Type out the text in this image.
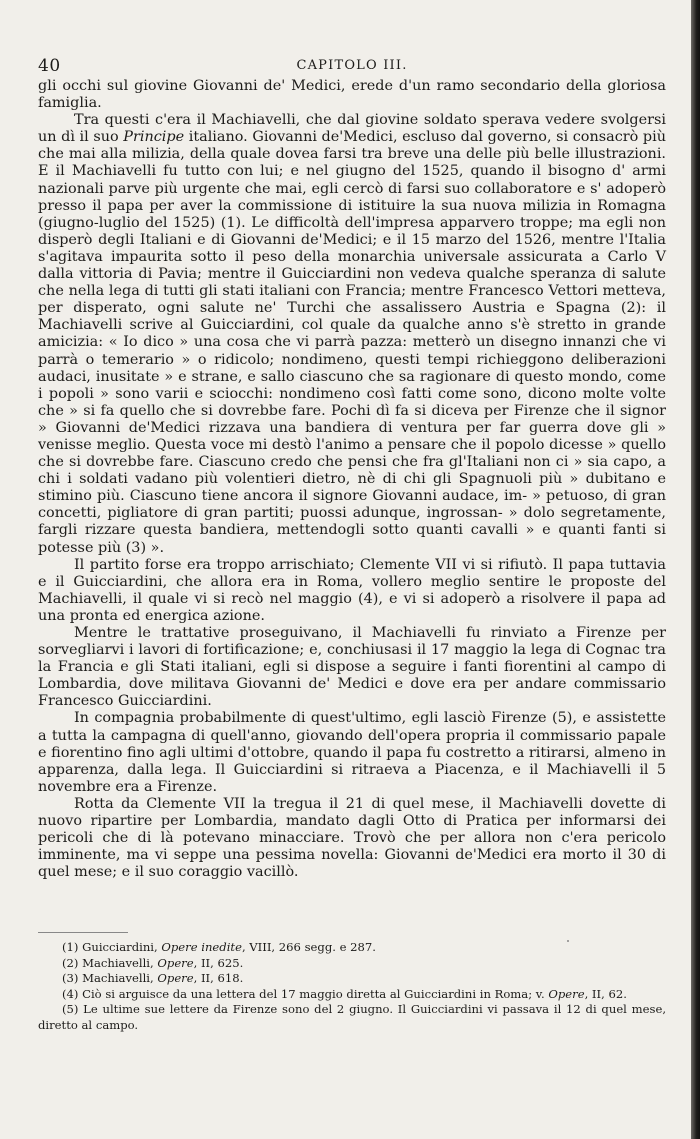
40	CAPITOLO III.

gli occhi sul giovine Giovanni de' Medici, erede d'un ramo secondario della gloriosa famiglia.

Tra questi c'era il Machiavelli, che dal giovine soldato sperava vedere svolgersi un dì il suo Principe italiano. Giovanni de'Medici, escluso dal governo, si consacrò più che mai alla milizia, della quale dovea farsi tra breve una delle più belle illustrazioni. E il Machiavelli fu tutto con lui; e nel giugno del 1525, quando il bisogno d' armi nazionali parve più urgente che mai, egli cercò di farsi suo collaboratore e s' adoperò presso il papa per aver la commissione di istituire la sua nuova milizia in Romagna (giugno-luglio del 1525) (1). Le difficoltà dell'impresa apparvero troppe; ma egli non disperò degli Italiani e di Giovanni de'Medici; e il 15 marzo del 1526, mentre l'Italia s'agitava impaurita sotto il peso della monarchia universale assicurata a Carlo V dalla vittoria di Pavia; mentre il Guicciardini non vedeva qualche speranza di salute che nella lega di tutti gli stati italiani con Francia; mentre Francesco Vettori metteva, per disperato, ogni salute ne' Turchi che assalissero Austria e Spagna (2): il Machiavelli scrive al Guicciardini, col quale da qualche anno s'è stretto in grande amicizia: « Io dico » una cosa che vi parrà pazza: metterò un disegno innanzi che vi parrà o temerario » o ridicolo; nondimeno, questi tempi richieggono deliberazioni audaci, inusitate » e strane, e sallo ciascuno che sa ragionare di questo mondo, come i popoli » sono varii e sciocchi: nondimeno così fatti come sono, dicono molte volte che » si fa quello che si dovrebbe fare. Pochi dì fa si diceva per Firenze che il signor » Giovanni de'Medici rizzava una bandiera di ventura per far guerra dove gli » venisse meglio. Questa voce mi destò l'animo a pensare che il popolo dicesse » quello che si dovrebbe fare. Ciascuno credo che pensi che fra gl'Italiani non ci » sia capo, a chi i soldati vadano più volentieri dietro, nè di chi gli Spagnuoli più » dubitano e stimino più. Ciascuno tiene ancora il signore Giovanni audace, im- » petuoso, di gran concetti, pigliatore di gran partiti; puossi adunque, ingrossan- » dolo segretamente, fargli rizzare questa bandiera, mettendogli sotto quanti cavalli » e quanti fanti si potesse più (3) ».

Il partito forse era troppo arrischiato; Clemente VII vi si rifiutò. Il papa tuttavia e il Guicciardini, che allora era in Roma, vollero meglio sentire le proposte del Machiavelli, il quale vi si recò nel maggio (4), e vi si adoperò a risolvere il papa ad una pronta ed energica azione.

Mentre le trattative proseguivano, il Machiavelli fu rinviato a Firenze per sorvegliarvi i lavori di fortificazione; e, conchiusasi il 17 maggio la lega di Cognac tra la Francia e gli Stati italiani, egli si dispose a seguire i fanti fiorentini al campo di Lombardia, dove militava Giovanni de' Medici e dove era per andare commissario Francesco Guicciardini.

In compagnia probabilmente di quest'ultimo, egli lasciò Firenze (5), e assistette a tutta la campagna di quell'anno, giovando dell'opera propria il commissario papale e fiorentino fino agli ultimi d'ottobre, quando il papa fu costretto a ritirarsi, almeno in apparenza, dalla lega. Il Guicciardini si ritraeva a Piacenza, e il Machiavelli il 5 novembre era a Firenze.

Rotta da Clemente VII la tregua il 21 di quel mese, il Machiavelli dovette di nuovo ripartire per Lombardia, mandato dagli Otto di Pratica per informarsi dei pericoli che di là potevano minacciare. Trovò che per allora non c'era pericolo imminente, ma vi seppe una pessima novella: Giovanni de'Medici era morto il 30 di quel mese; e il suo coraggio vacillò.

(1) Guicciardini, Opere inedite, VIII, 266 segg. e 287.

(2) Machiavelli, Opere, II, 625.

(3) Machiavelli, Opere, II, 618.

(4) Ciò si arguisce da una lettera del 17 maggio diretta al Guicciardini in Roma; v. Opere, II, 62.

(5) Le ultime sue lettere da Firenze sono del 2 giugno. Il Guicciardini vi passava il 12 di quel mese, diretto al campo.
